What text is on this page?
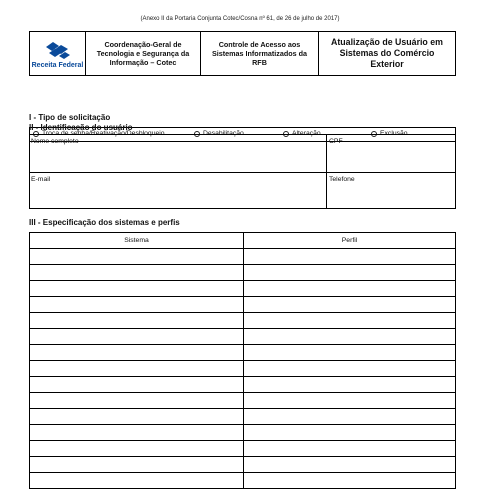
(Anexo II da Portaria Conjunta Cotec/Cosna nº 61, de 26 de julho de 2017)
Receita Federal
Coordenação-Geral de Tecnologia e Segurança da Informação – Cotec
Controle de Acesso aos Sistemas Informatizados da RFB
Atualização de Usuário em Sistemas do Comércio Exterior
I - Tipo de solicitação
Troca de senha/Reativação/Desbloqueio	Desabilitação	Alteração	Exclusão
II - Identificação do usuário
Nome completo	CPF
E-mail	Telefone
III - Especificação dos sistemas e perfis
Sistema	Perfil
